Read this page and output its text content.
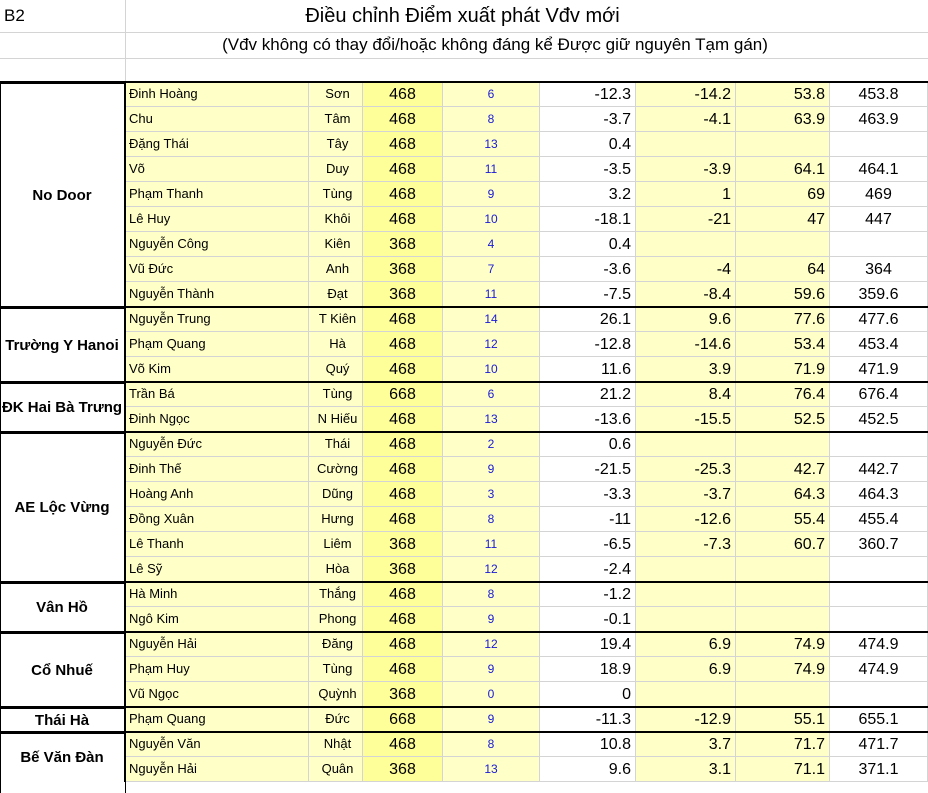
B2	Điều chỉnh Điểm xuất phát Vđv mới
(Vđv không có thay đổi/hoặc không đáng kể Được giữ nguyên Tạm gán)
Đinh Hoàng	Sơn	468	6	-12.3	-14.2	53.8	453.8
Chu	Tâm	468	8	-3.7	-4.1	63.9	463.9
Đặng Thái	Tây	468	13	0.4
Võ	Duy	468	11	-3.5	-3.9	64.1	464.1
Phạm Thanh	Tùng	468	9	3.2	1	69	469
Lê Huy	Khôi	468	10	-18.1	-21	47	447
Nguyễn Công	Kiên	368	4	0.4
Vũ Đức	Anh	368	7	-3.6	-4	64	364
Nguyễn Thành	Đạt	368	11	-7.5	-8.4	59.6	359.6
No Door
Nguyễn Trung	T Kiên	468	14	26.1	9.6	77.6	477.6
Phạm Quang	Hà	468	12	-12.8	-14.6	53.4	453.4
Võ Kim	Quý	468	10	11.6	3.9	71.9	471.9
Trường Y Hanoi
Trần Bá	Tùng	668	6	21.2	8.4	76.4	676.4
Đinh Ngọc	N Hiếu	468	13	-13.6	-15.5	52.5	452.5
ĐK Hai Bà Trưng
Nguyễn Đức	Thái	468	2	0.6
Đinh Thế	Cường	468	9	-21.5	-25.3	42.7	442.7
Hoàng Anh	Dũng	468	3	-3.3	-3.7	64.3	464.3
Đồng Xuân	Hưng	468	8	-11	-12.6	55.4	455.4
Lê Thanh	Liêm	368	11	-6.5	-7.3	60.7	360.7
Lê Sỹ	Hòa	368	12	-2.4
AE Lộc Vừng
Hà Minh	Thắng	468	8	-1.2
Ngô Kim	Phong	468	9	-0.1
Vân Hồ
Nguyễn Hải	Đăng	468	12	19.4	6.9	74.9	474.9
Phạm Huy	Tùng	468	9	18.9	6.9	74.9	474.9
Vũ Ngọc	Quỳnh	368	0	0
Cổ Nhuế
Phạm Quang	Đức	668	9	-11.3	-12.9	55.1	655.1
Thái Hà
Nguyễn Văn	Nhật	468	8	10.8	3.7	71.7	471.7
Nguyễn Hải	Quân	368	13	9.6	3.1	71.1	371.1
Bế Văn Đàn
